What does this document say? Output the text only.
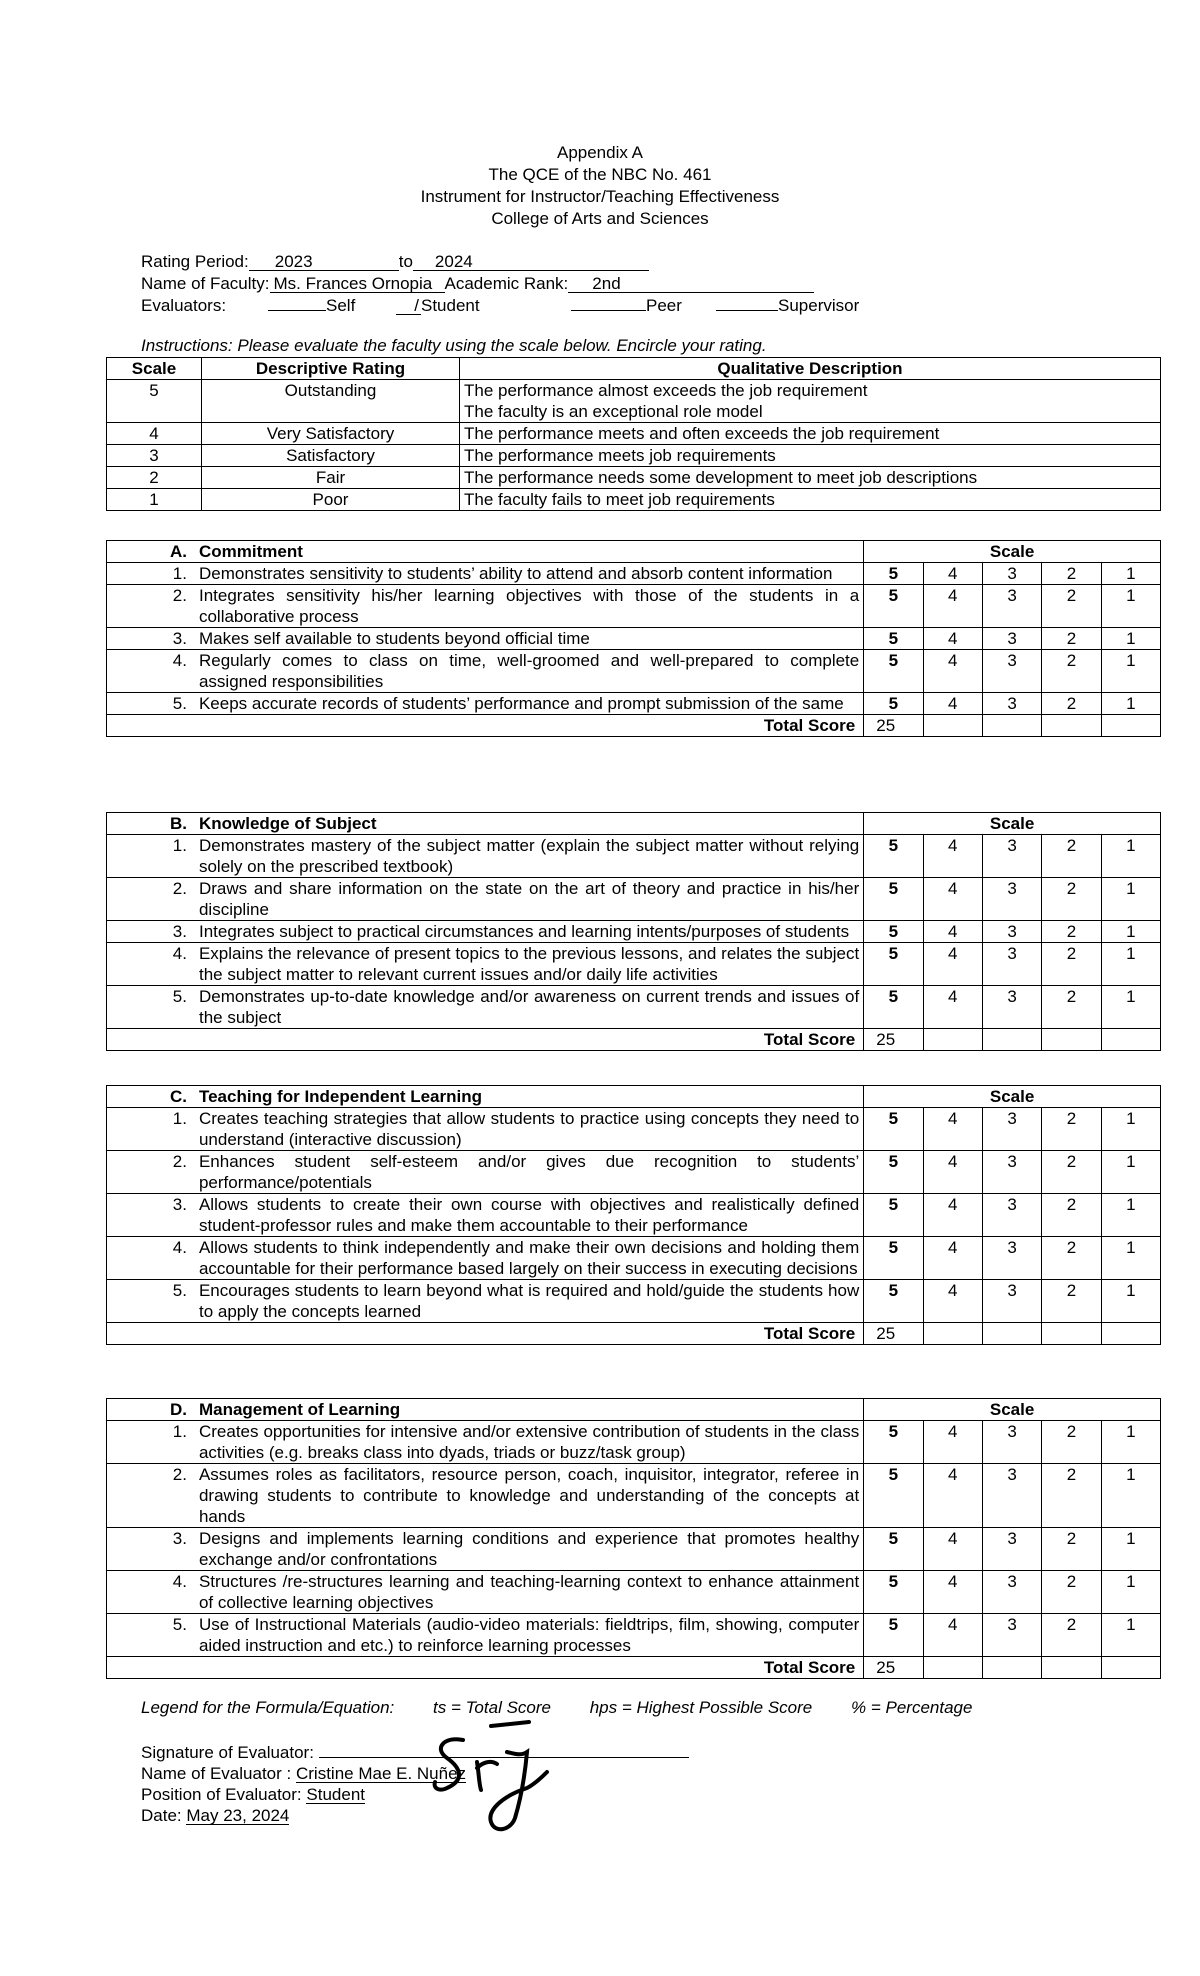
Appendix A
The QCE of the NBC No. 461
Instrument for Instructor/Teaching Effectiveness
College of Arts and Sciences
Rating Period: 2023	to 2024
Name of Faculty: Ms. Frances Ornopia Academic Rank: 2nd
Evaluators:	Self	/ Student	Peer	Supervisor
Instructions: Please evaluate the faculty using the scale below. Encircle your rating.
Scale	Descriptive Rating	Qualitative Description
5	Outstanding	The performance almost exceeds the job requirement
The faculty is an exceptional role model

4	Very Satisfactory	The performance meets and often exceeds the job requirement
3	Satisfactory	The performance meets job requirements
2	Fair	The performance needs some development to meet job descriptions
1	Poor	The faculty fails to meet job requirements
A.	Commitment	Scale				
1.	Demonstrates sensitivity to students’ ability to attend and absorb content information	5	4	3	2	1
2.	Integrates sensitivity his/her learning objectives with those of the students in a collaborative process	5	4	3	2	1
3.	Makes self available to students beyond official time	5	4	3	2	1
4.	Regularly comes to class on time, well-groomed and well-prepared to complete assigned responsibilities	5	4	3	2	1
5.	Keeps accurate records of students’ performance and prompt submission of the same	5	4	3	2	1
Total Score		25				
B.	Knowledge of Subject	Scale				
1.	Demonstrates mastery of the subject matter (explain the subject matter without relying solely on the prescribed textbook)	5	4	3	2	1
2.	Draws and share information on the state on the art of theory and practice in his/her discipline	5	4	3	2	1
3.	Integrates subject to practical circumstances and learning intents/purposes of students	5	4	3	2	1
4.	Explains the relevance of present topics to the previous lessons, and relates the subject the subject matter to relevant current issues and/or daily life activities	5	4	3	2	1
5.	Demonstrates up-to-date knowledge and/or awareness on current trends and issues of the subject	5	4	3	2	1
Total Score		25				
C.	Teaching for Independent Learning	Scale				
1.	Creates teaching strategies that allow students to practice using concepts they need to understand (interactive discussion)	5	4	3	2	1
2.	Enhances student self-esteem and/or gives due recognition to students’ performance/potentials	5	4	3	2	1
3.	Allows students to create their own course with objectives and realistically defined student-professor rules and make them accountable to their performance	5	4	3	2	1
4.	Allows students to think independently and make their own decisions and holding them accountable for their performance based largely on their success in executing decisions	5	4	3	2	1
5.	Encourages students to learn beyond what is required and hold/guide the students how to apply the concepts learned	5	4	3	2	1
Total Score		25				
D.	Management of Learning	Scale				
1.	Creates opportunities for intensive and/or extensive contribution of students in the class activities (e.g. breaks class into dyads, triads or buzz/task group)	5	4	3	2	1
2.	Assumes roles as facilitators, resource person, coach, inquisitor, integrator, referee in drawing students to contribute to knowledge and understanding of the concepts at hands	5	4	3	2	1
3.	Designs and implements learning conditions and experience that promotes healthy exchange and/or confrontations	5	4	3	2	1
4.	Structures /re-structures learning and teaching-learning context to enhance attainment of collective learning objectives	5	4	3	2	1
5.	Use of Instructional Materials (audio-video materials: fieldtrips, film, showing, computer aided instruction and etc.) to reinforce learning processes	5	4	3	2	1
Total Score		25				
Legend for the Formula/Equation: ts = Total Score hps = Highest Possible Score % = Percentage
Signature of Evaluator:
Name of Evaluator : Cristine Mae E. Nuñez
Position of Evaluator: Student
Date: May 23, 2024
